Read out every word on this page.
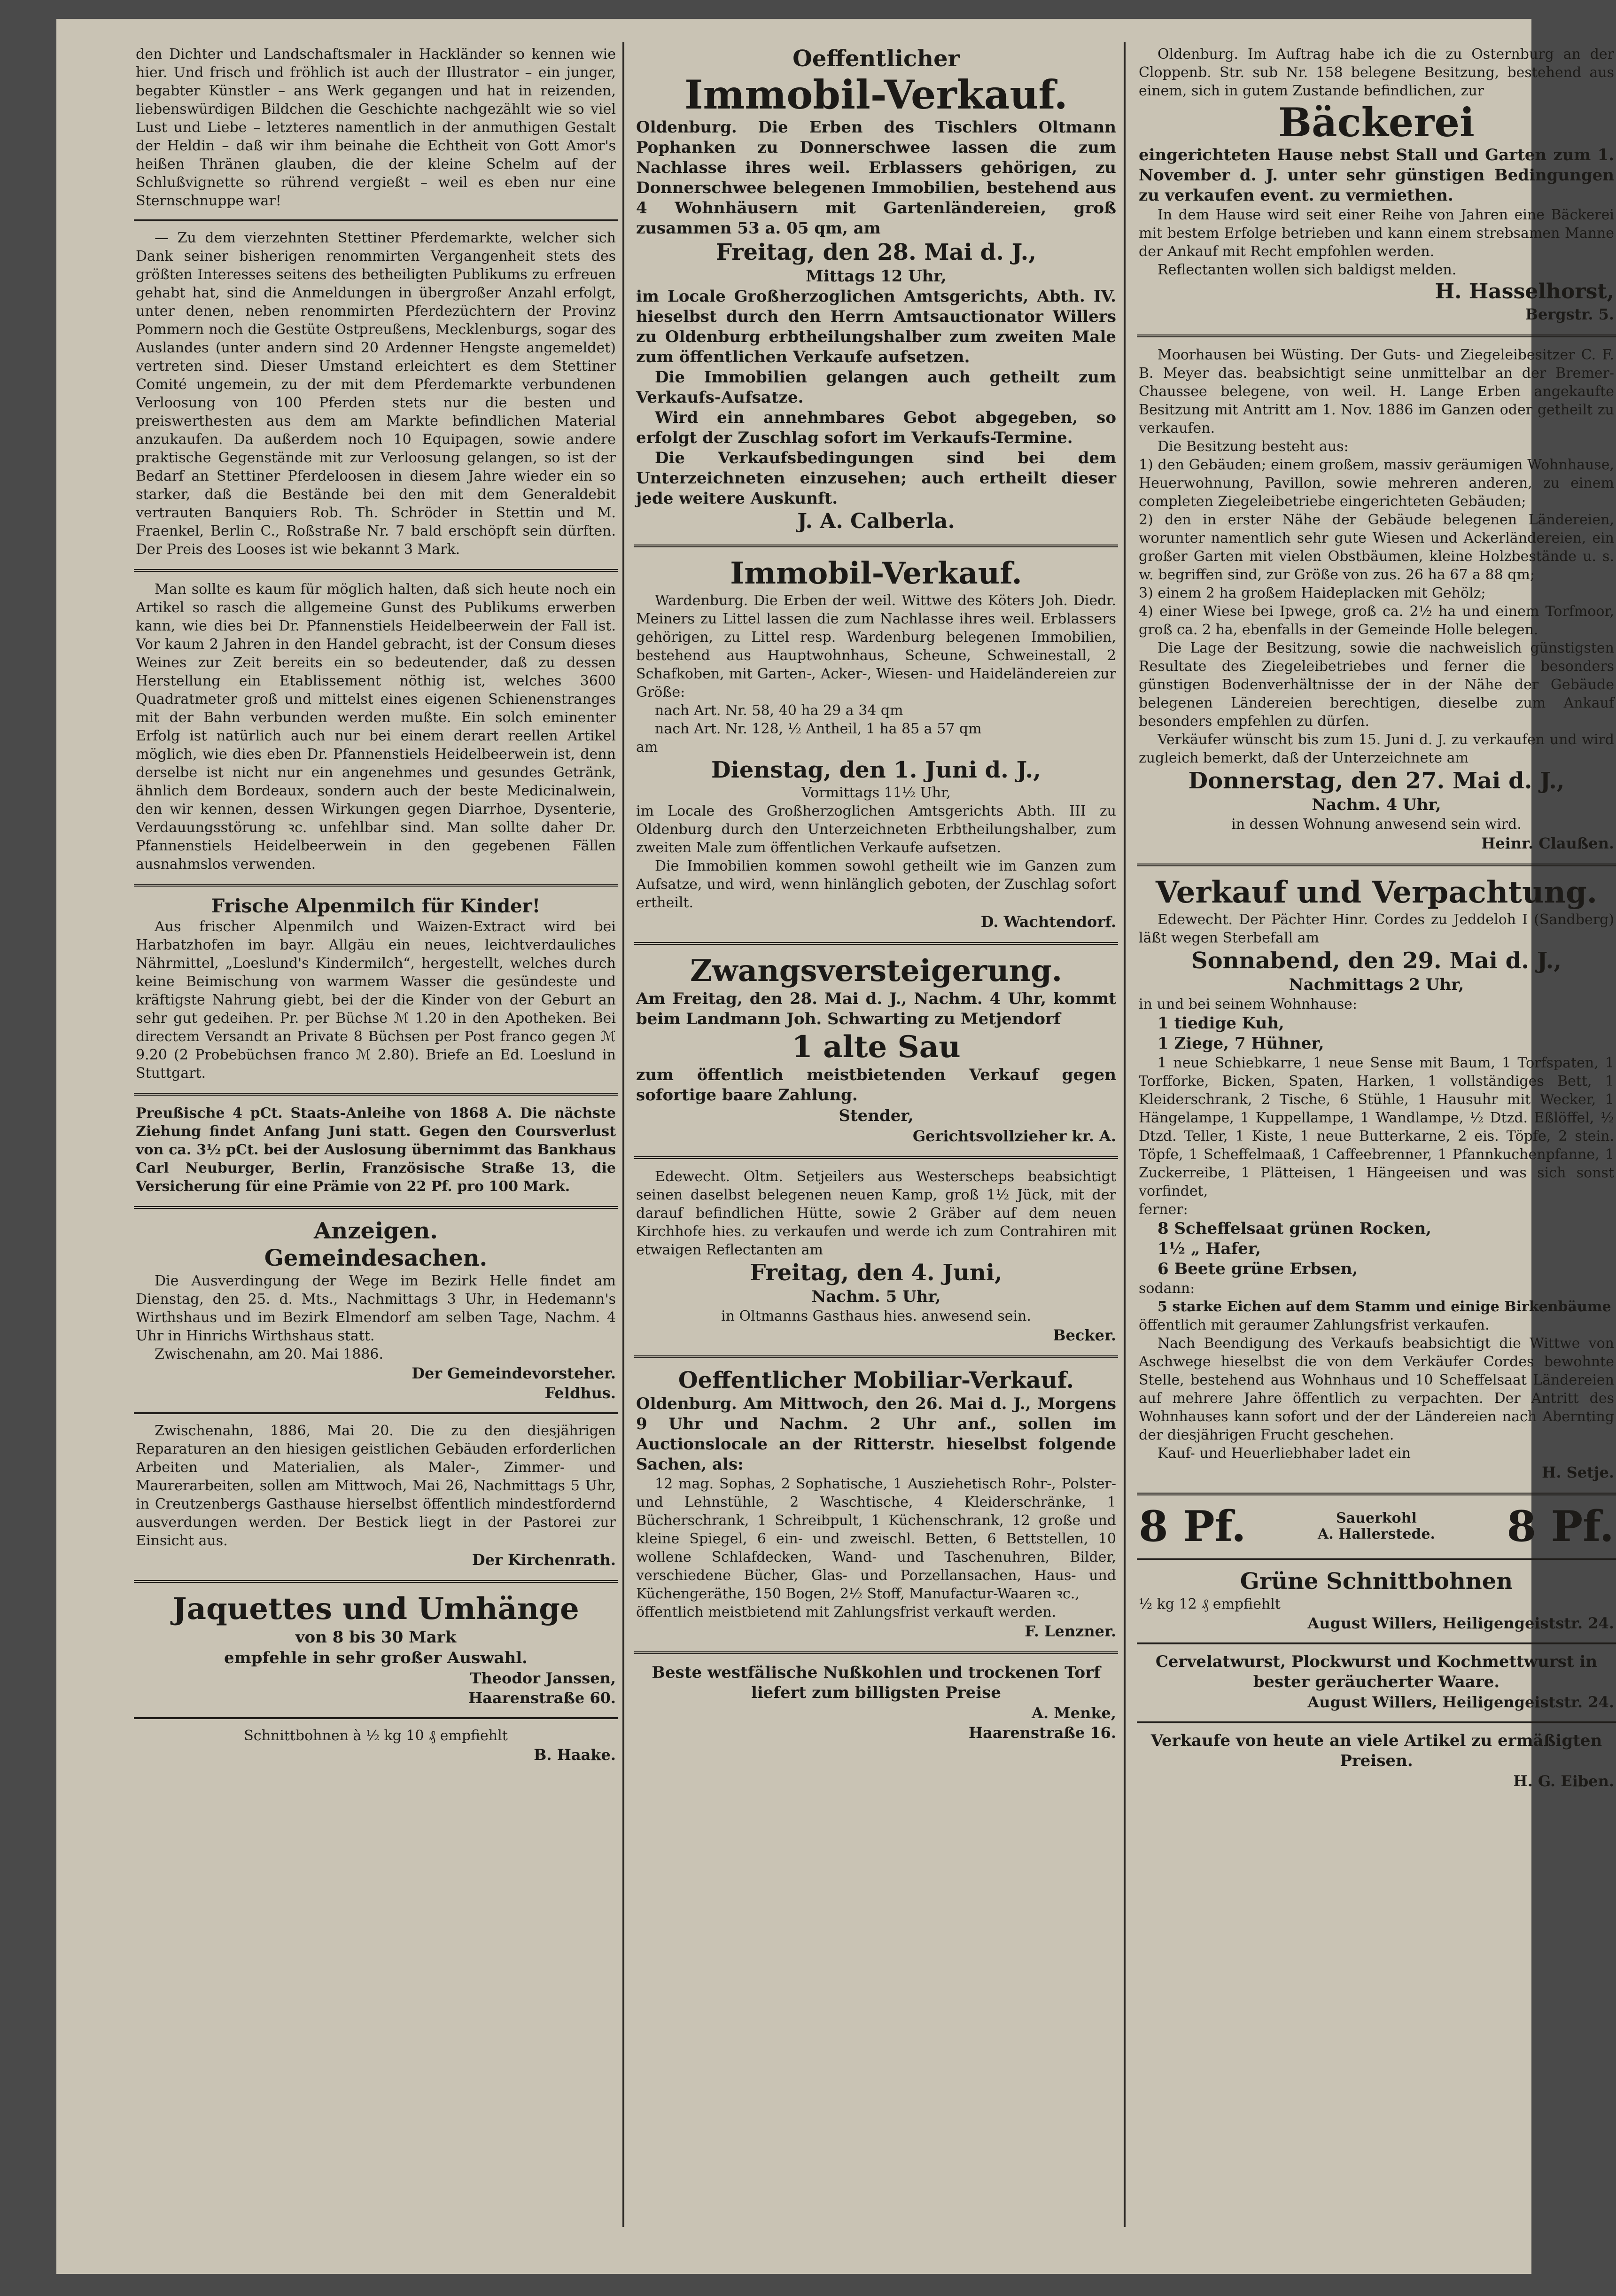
den Dichter und Landschaftsmaler in Hackländer so kennen wie hier. Und frisch und fröhlich ist auch der Illustrator – ein junger, begabter Künstler – ans Werk gegangen und hat in reizenden, liebenswürdigen Bildchen die Geschichte nachgezählt wie so viel Lust und Liebe – letzteres namentlich in der anmuthigen Gestalt der Heldin – daß wir ihm beinahe die Echtheit von Gott Amor's heißen Thränen glauben, die der kleine Schelm auf der Schlußvignette so rührend vergießt – weil es eben nur eine Sternschnuppe war!

— Zu dem vierzehnten Stettiner Pferdemarkte, welcher sich Dank seiner bisherigen renommirten Vergangenheit stets des größten Interesses seitens des betheiligten Publikums zu erfreuen gehabt hat, sind die Anmeldungen in übergroßer Anzahl erfolgt, unter denen, neben renommirten Pferdezüchtern der Provinz Pommern noch die Gestüte Ostpreußens, Mecklenburgs, sogar des Auslandes (unter andern sind 20 Ardenner Hengste angemeldet) vertreten sind. Dieser Umstand erleichtert es dem Stettiner Comité ungemein, zu der mit dem Pferdemarkte verbundenen Verloosung von 100 Pferden stets nur die besten und preiswerthesten aus dem am Markte befindlichen Material anzukaufen. Da außerdem noch 10 Equipagen, sowie andere praktische Gegenstände mit zur Verloosung gelangen, so ist der Bedarf an Stettiner Pferdeloosen in diesem Jahre wieder ein so starker, daß die Bestände bei den mit dem Generaldebit vertrauten Banquiers Rob. Th. Schröder in Stettin und M. Fraenkel, Berlin C., Roßstraße Nr. 7 bald erschöpft sein dürften. Der Preis des Looses ist wie bekannt 3 Mark.

Man sollte es kaum für möglich halten, daß sich heute noch ein Artikel so rasch die allgemeine Gunst des Publikums erwerben kann, wie dies bei Dr. Pfannenstiels Heidelbeerwein der Fall ist. Vor kaum 2 Jahren in den Handel gebracht, ist der Consum dieses Weines zur Zeit bereits ein so bedeutender, daß zu dessen Herstellung ein Etablissement nöthig ist, welches 3600 Quadratmeter groß und mittelst eines eigenen Schienenstranges mit der Bahn verbunden werden mußte. Ein solch eminenter Erfolg ist natürlich auch nur bei einem derart reellen Artikel möglich, wie dies eben Dr. Pfannenstiels Heidelbeerwein ist, denn derselbe ist nicht nur ein angenehmes und gesundes Getränk, ähnlich dem Bordeaux, sondern auch der beste Medicinalwein, den wir kennen, dessen Wirkungen gegen Diarrhoe, Dysenterie, Verdauungsstörung ꝛc. unfehlbar sind. Man sollte daher Dr. Pfannenstiels Heidelbeerwein in den gegebenen Fällen ausnahmslos verwenden.

Frische Alpenmilch für Kinder!

Aus frischer Alpenmilch und Waizen-Extract wird bei Harbatzhofen im bayr. Allgäu ein neues, leichtverdauliches Nährmittel, „Loeslund's Kindermilch“, hergestellt, welches durch keine Beimischung von warmem Wasser die gesündeste und kräftigste Nahrung giebt, bei der die Kinder von der Geburt an sehr gut gedeihen. Pr. per Büchse ℳ 1.20 in den Apotheken. Bei directem Versandt an Private 8 Büchsen per Post franco gegen ℳ 9.20 (2 Probebüchsen franco ℳ 2.80). Briefe an Ed. Loeslund in Stuttgart.

Preußische 4 pCt. Staats-Anleihe von 1868 A. Die nächste Ziehung findet Anfang Juni statt. Gegen den Coursverlust von ca. 3½ pCt. bei der Auslosung übernimmt das Bankhaus Carl Neuburger, Berlin, Französische Straße 13, die Versicherung für eine Prämie von 22 Pf. pro 100 Mark.

Anzeigen.

Gemeindesachen.

Die Ausverdingung der Wege im Bezirk Helle findet am Dienstag, den 25. d. Mts., Nachmittags 3 Uhr, in Hedemann's Wirthshaus und im Bezirk Elmendorf am selben Tage, Nachm. 4 Uhr in Hinrichs Wirthshaus statt.

Zwischenahn, am 20. Mai 1886.

Der Gemeindevorsteher.

Feldhus.

Zwischenahn, 1886, Mai 20. Die zu den diesjährigen Reparaturen an den hiesigen geistlichen Gebäuden erforderlichen Arbeiten und Materialien, als Maler-, Zimmer- und Maurerarbeiten, sollen am Mittwoch, Mai 26, Nachmittags 5 Uhr, in Creutzenbergs Gasthause hierselbst öffentlich mindestfordernd ausverdungen werden. Der Bestick liegt in der Pastorei zur Einsicht aus.

Der Kirchenrath.

Jaquettes und Umhänge

von 8 bis 30 Mark

empfehle in sehr großer Auswahl.

Theodor Janssen,

Haarenstraße 60.

Schnittbohnen à ½ kg 10 ₰ empfiehlt

B. Haake.

Oeffentlicher

Immobil-Verkauf.

Oldenburg. Die Erben des Tischlers Oltmann Pophanken zu Donnerschwee lassen die zum Nachlasse ihres weil. Erblassers gehörigen, zu Donnerschwee belegenen Immobilien, bestehend aus 4 Wohnhäusern mit Gartenländereien, groß zusammen 53 a. 05 qm, am

Freitag, den 28. Mai d. J.,

Mittags 12 Uhr,

im Locale Großherzoglichen Amtsgerichts, Abth. IV. hieselbst durch den Herrn Amtsauctionator Willers zu Oldenburg erbtheilungshalber zum zweiten Male zum öffentlichen Verkaufe aufsetzen.

Die Immobilien gelangen auch getheilt zum Verkaufs-Aufsatze.

Wird ein annehmbares Gebot abgegeben, so erfolgt der Zuschlag sofort im Verkaufs-Termine.

Die Verkaufsbedingungen sind bei dem Unterzeichneten einzusehen; auch ertheilt dieser jede weitere Auskunft.

J. A. Calberla.

Immobil-Verkauf.

Wardenburg. Die Erben der weil. Wittwe des Köters Joh. Diedr. Meiners zu Littel lassen die zum Nachlasse ihres weil. Erblassers gehörigen, zu Littel resp. Wardenburg belegenen Immobilien, bestehend aus Hauptwohnhaus, Scheune, Schweinestall, 2 Schafkoben, mit Garten-, Acker-, Wiesen- und Haideländereien zur Größe:

nach Art. Nr. 58, 40 ha 29 a 34 qm

nach Art. Nr. 128, ½ Antheil, 1 ha 85 a 57 qm

am

Dienstag, den 1. Juni d. J.,

Vormittags 11½ Uhr,

im Locale des Großherzoglichen Amtsgerichts Abth. III zu Oldenburg durch den Unterzeichneten Erbtheilungshalber, zum zweiten Male zum öffentlichen Verkaufe aufsetzen.

Die Immobilien kommen sowohl getheilt wie im Ganzen zum Aufsatze, und wird, wenn hinlänglich geboten, der Zuschlag sofort ertheilt.

D. Wachtendorf.

Zwangsversteigerung.

Am Freitag, den 28. Mai d. J., Nachm. 4 Uhr, kommt beim Landmann Joh. Schwarting zu Metjendorf

1 alte Sau

zum öffentlich meistbietenden Verkauf gegen sofortige baare Zahlung.

Stender,

Gerichtsvollzieher kr. A.

Edewecht. Oltm. Setjeilers aus Westerscheps beabsichtigt seinen daselbst belegenen neuen Kamp, groß 1½ Jück, mit der darauf befindlichen Hütte, sowie 2 Gräber auf dem neuen Kirchhofe hies. zu verkaufen und werde ich zum Contrahiren mit etwaigen Reflectanten am

Freitag, den 4. Juni,

Nachm. 5 Uhr,

in Oltmanns Gasthaus hies. anwesend sein.

Becker.

Oeffentlicher Mobiliar-Verkauf.

Oldenburg. Am Mittwoch, den 26. Mai d. J., Morgens 9 Uhr und Nachm. 2 Uhr anf., sollen im Auctionslocale an der Ritterstr. hieselbst folgende Sachen, als:

12 mag. Sophas, 2 Sophatische, 1 Ausziehetisch Rohr-, Polster- und Lehnstühle, 2 Waschtische, 4 Kleiderschränke, 1 Bücherschrank, 1 Schreibpult, 1 Küchenschrank, 12 große und kleine Spiegel, 6 ein- und zweischl. Betten, 6 Bettstellen, 10 wollene Schlafdecken, Wand- und Taschenuhren, Bilder, verschiedene Bücher, Glas- und Porzellansachen, Haus- und Küchengeräthe, 150 Bogen, 2½ Stoff, Manufactur-Waaren ꝛc.,

öffentlich meistbietend mit Zahlungsfrist verkauft werden.

F. Lenzner.

Beste westfälische Nußkohlen und trockenen Torf liefert zum billigsten Preise

A. Menke,

Haarenstraße 16.

Oldenburg. Im Auftrag habe ich die zu Osternburg an der Cloppenb. Str. sub Nr. 158 belegene Besitzung, bestehend aus einem, sich in gutem Zustande befindlichen, zur

Bäckerei

eingerichteten Hause nebst Stall und Garten zum 1. November d. J. unter sehr günstigen Bedingungen zu verkaufen event. zu vermiethen.

In dem Hause wird seit einer Reihe von Jahren eine Bäckerei mit bestem Erfolge betrieben und kann einem strebsamen Manne der Ankauf mit Recht empfohlen werden.

Reflectanten wollen sich baldigst melden.

H. Hasselhorst,

Bergstr. 5.

Moorhausen bei Wüsting. Der Guts- und Ziegeleibesitzer C. F. B. Meyer das. beabsichtigt seine unmittelbar an der Bremer-Chaussee belegene, von weil. H. Lange Erben angekaufte Besitzung mit Antritt am 1. Nov. 1886 im Ganzen oder getheilt zu verkaufen.

Die Besitzung besteht aus:

1) den Gebäuden; einem großem, massiv geräumigen Wohnhause, Heuerwohnung, Pavillon, sowie mehreren anderen, zu einem completen Ziegeleibetriebe eingerichteten Gebäuden;
2) den in erster Nähe der Gebäude belegenen Ländereien, worunter namentlich sehr gute Wiesen und Ackerländereien, ein großer Garten mit vielen Obstbäumen, kleine Holzbestände u. s. w. begriffen sind, zur Größe von zus. 26 ha 67 a 88 qm;
3) einem 2 ha großem Haideplacken mit Gehölz;
4) einer Wiese bei Ipwege, groß ca. 2½ ha und einem Torfmoor, groß ca. 2 ha, ebenfalls in der Gemeinde Holle belegen.

Die Lage der Besitzung, sowie die nachweislich günstigsten Resultate des Ziegeleibetriebes und ferner die besonders günstigen Bodenverhältnisse der in der Nähe der Gebäude belegenen Ländereien berechtigen, dieselbe zum Ankauf besonders empfehlen zu dürfen.

Verkäufer wünscht bis zum 15. Juni d. J. zu verkaufen und wird zugleich bemerkt, daß der Unterzeichnete am

Donnerstag, den 27. Mai d. J.,

Nachm. 4 Uhr,

in dessen Wohnung anwesend sein wird.

Heinr. Claußen.

Verkauf und Verpachtung.

Edewecht. Der Pächter Hinr. Cordes zu Jeddeloh I (Sandberg) läßt wegen Sterbefall am

Sonnabend, den 29. Mai d. J.,

Nachmittags 2 Uhr,

in und bei seinem Wohnhause:

1 tiedige Kuh,

1 Ziege, 7 Hühner,

1 neue Schiebkarre, 1 neue Sense mit Baum, 1 Torfspaten, 1 Torfforke, Bicken, Spaten, Harken, 1 vollständiges Bett, 1 Kleiderschrank, 2 Tische, 6 Stühle, 1 Hausuhr mit Wecker, 1 Hängelampe, 1 Kuppellampe, 1 Wandlampe, ½ Dtzd. Eßlöffel, ½ Dtzd. Teller, 1 Kiste, 1 neue Butterkarne, 2 eis. Töpfe, 2 stein. Töpfe, 1 Scheffelmaaß, 1 Caffeebrenner, 1 Pfannkuchenpfanne, 1 Zuckerreibe, 1 Plätteisen, 1 Hängeeisen und was sich sonst vorfindet,

ferner:

8 Scheffelsaat grünen Rocken,

1½ „ Hafer,

6 Beete grüne Erbsen,

sodann:

5 starke Eichen auf dem Stamm und einige Birkenbäume

öffentlich mit geraumer Zahlungsfrist verkaufen.

Nach Beendigung des Verkaufs beabsichtigt die Wittwe von Aschwege hieselbst die von dem Verkäufer Cordes bewohnte Stelle, bestehend aus Wohnhaus und 10 Scheffelsaat Ländereien auf mehrere Jahre öffentlich zu verpachten. Der Antritt des Wohnhauses kann sofort und der der Ländereien nach Abernting der diesjährigen Frucht geschehen.

Kauf- und Heuerliebhaber ladet ein

H. Setje.

8 Pf.	Sauerkohl
A. Hallerstede. 8 Pf.

Grüne Schnittbohnen

½ kg 12 ₰ empfiehlt

August Willers, Heiligengeiststr. 24.

Cervelatwurst, Plockwurst und Kochmettwurst in bester geräucherter Waare.

August Willers, Heiligengeiststr. 24.

Verkaufe von heute an viele Artikel zu ermäßigten Preisen.

H. G. Eiben.
